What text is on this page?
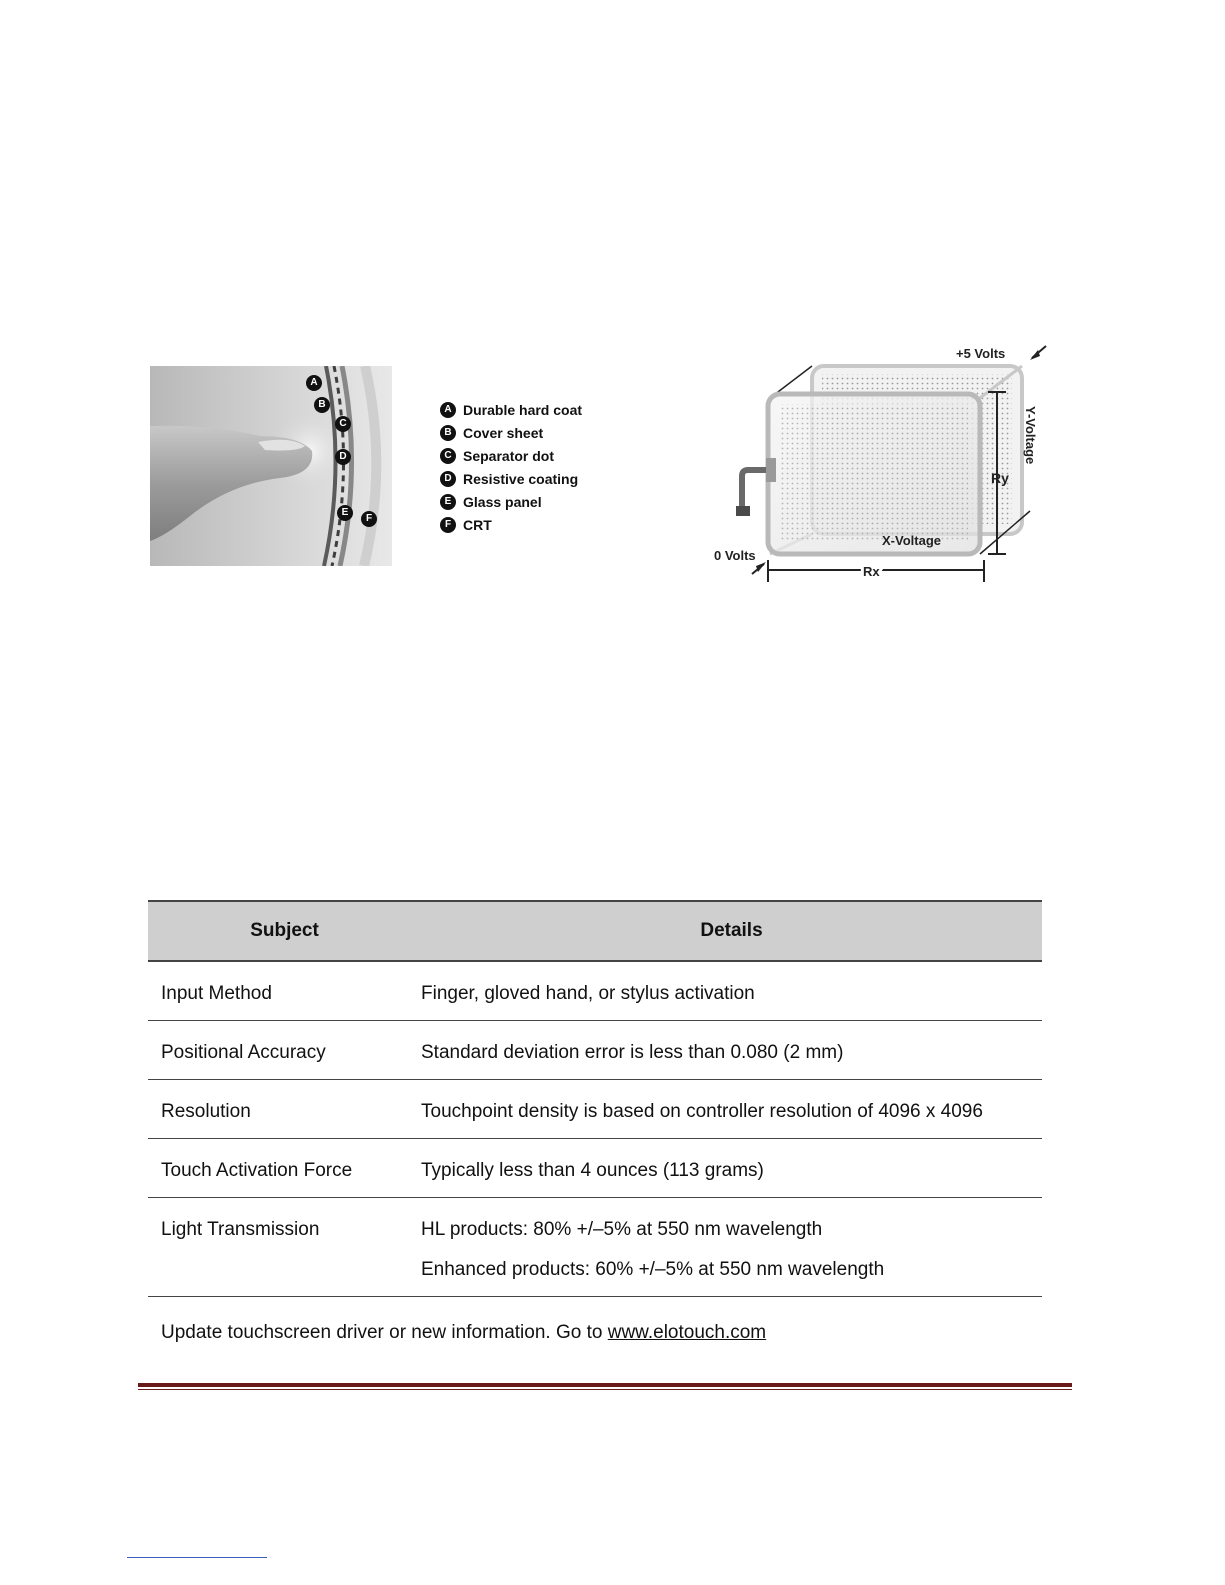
A
B
C
D
E
F
A Durable hard coat
B Cover sheet
C Separator dot
D Resistive coating
E Glass panel
F CRT
+5 Volts
0 Volts
X-Voltage
Ry
Rx
Y-Voltage
Subject	Details
Input Method	Finger, gloved hand, or stylus activation

Positional Accuracy	Standard deviation error is less than 0.080 (2 mm)

Resolution	Touchpoint density is based on controller resolution of 4096 x 4096

Touch Activation Force	Typically less than 4 ounces (113 grams)

Light Transmission	HL products: 80% +/–5% at 550 nm wavelength

Enhanced products: 60% +/–5% at 550 nm wavelength

Update touchscreen driver or new information. Go to www.elotouch.com
